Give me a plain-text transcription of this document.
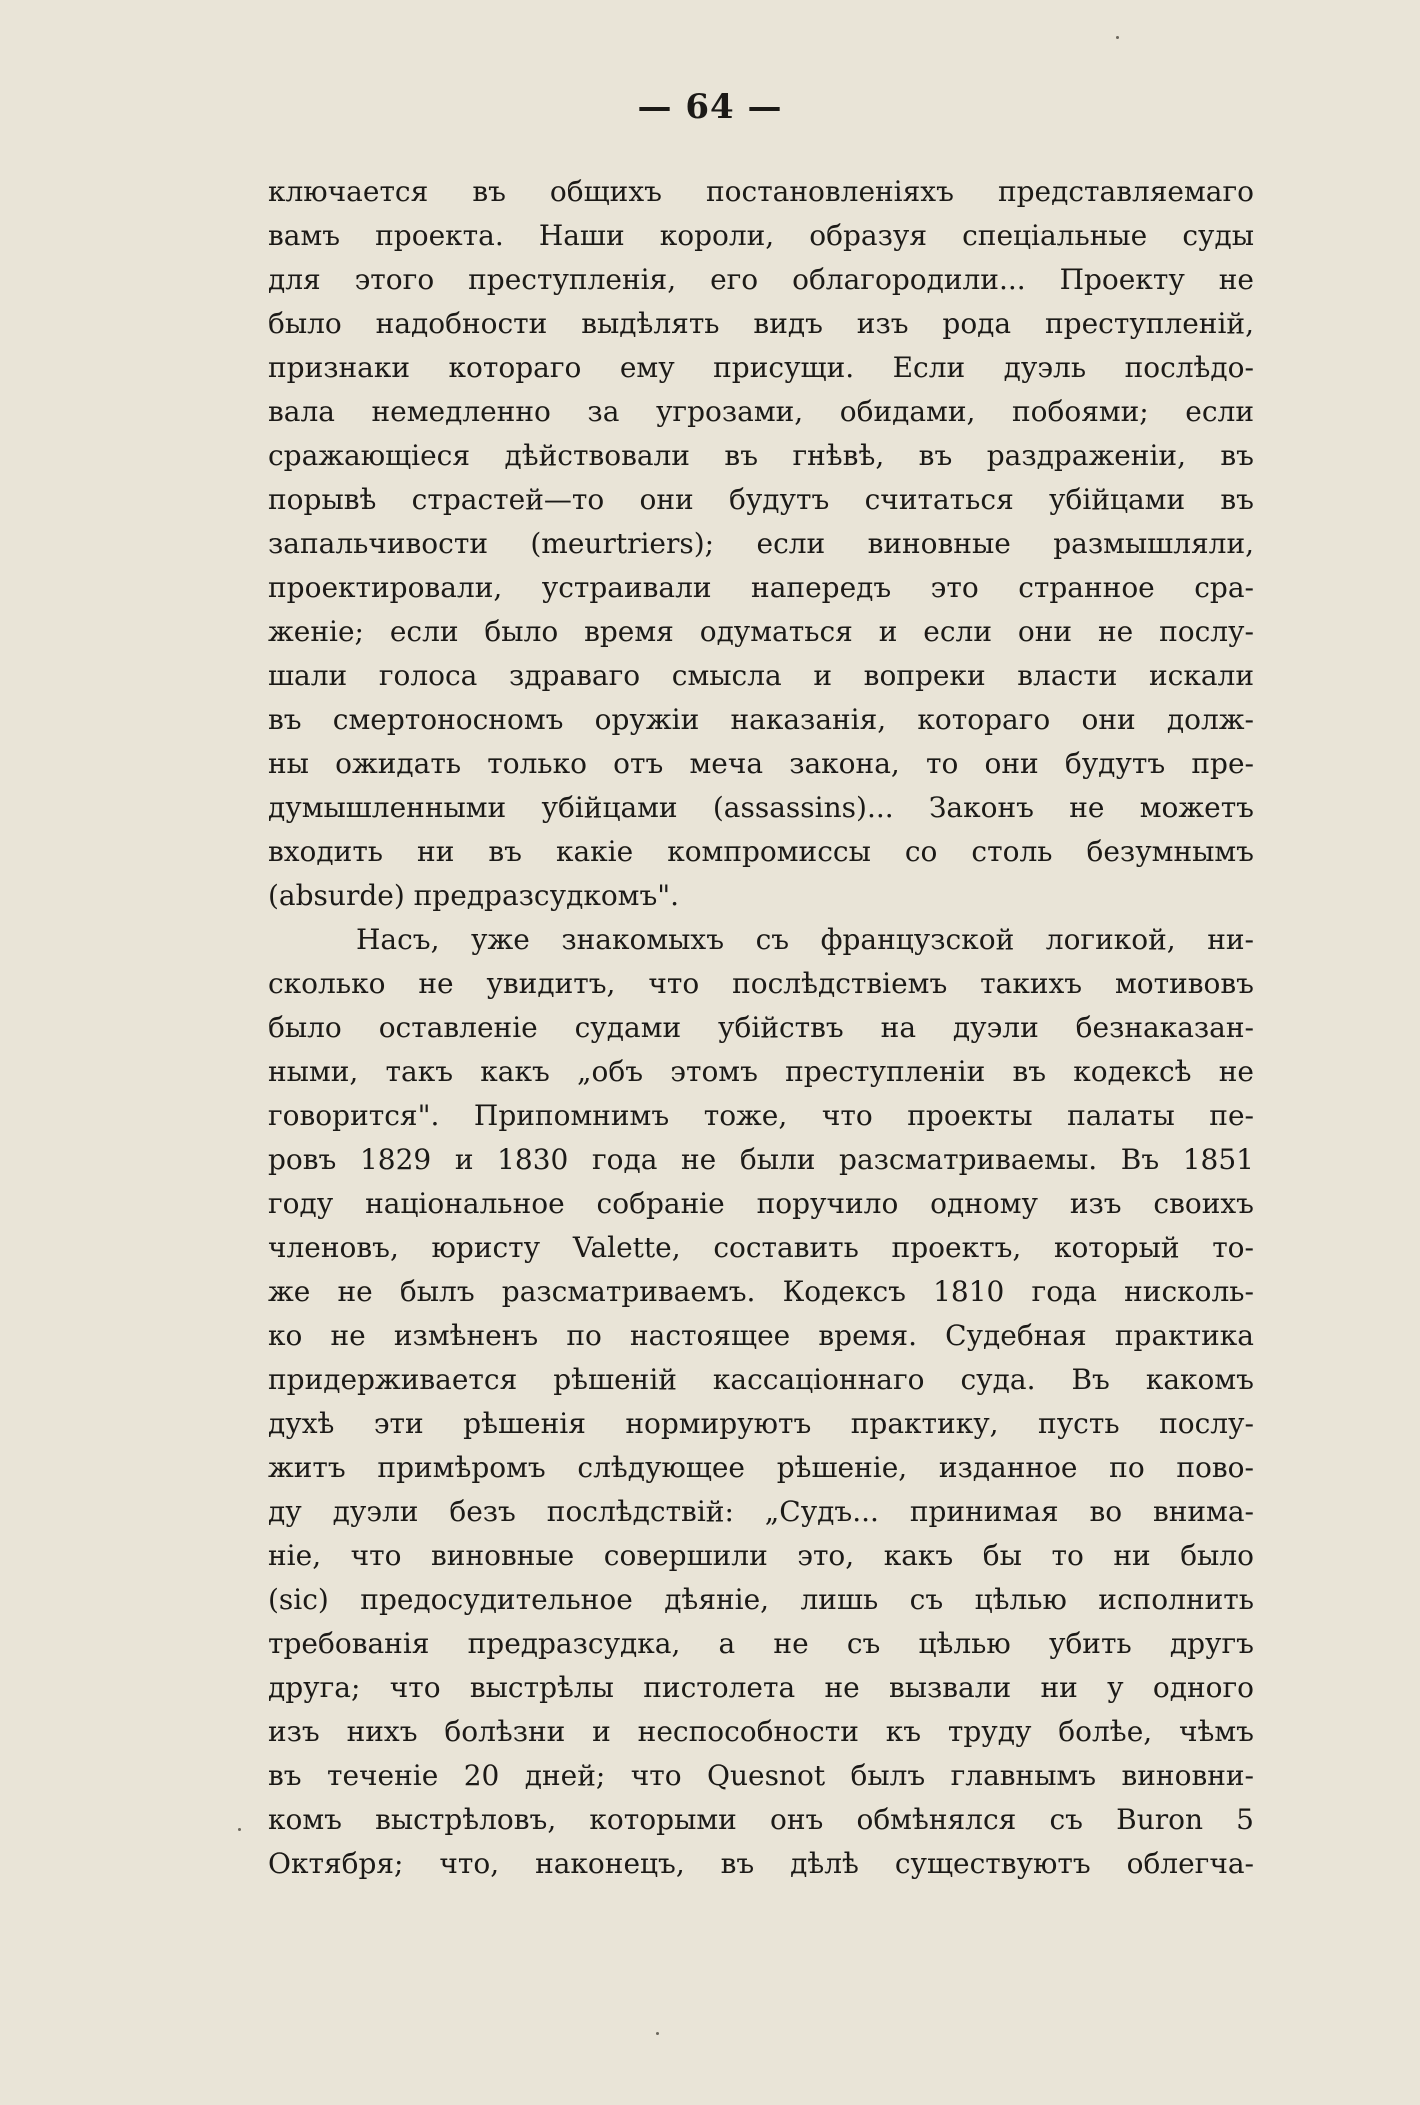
— 64 —
ключается въ общихъ постановленіяхъ представляемаго
вамъ проекта. Наши короли, образуя спеціальные суды
для этого преступленія, его облагородили... Проекту не
было надобности выдѣлять видъ изъ рода преступленій,
признаки котораго ему присущи. Если дуэль послѣдо-
вала немедленно за угрозами, обидами, побоями; если
сражающіеся дѣйствовали въ гнѣвѣ, въ раздраженіи, въ
порывѣ страстей—то они будутъ считаться убійцами въ
запальчивости (meurtriers); если виновные размышляли,
проектировали, устраивали напередъ это странное сра-
женіе; если было время одуматься и если они не послу-
шали голоса здраваго смысла и вопреки власти искали
въ смертоносномъ оружіи наказанія, котораго они долж-
ны ожидать только отъ меча закона, то они будутъ пре-
думышленными убійцами (assassins)... Законъ не можетъ
входить ни въ какіе компромиссы со столь безумнымъ
(absurde) предразсудкомъ".
Насъ, уже знакомыхъ съ французской логикой, ни-
сколько не увидитъ, что послѣдствіемъ такихъ мотивовъ
было оставленіе судами убійствъ на дуэли безнаказан-
ными, такъ какъ „объ этомъ преступленіи въ кодексѣ не
говорится". Припомнимъ тоже, что проекты палаты пе-
ровъ 1829 и 1830 года не были разсматриваемы. Въ 1851
году національное собраніе поручило одному изъ своихъ
членовъ, юристу Valette, составить проектъ, который то-
же не былъ разсматриваемъ. Кодексъ 1810 года нисколь-
ко не измѣненъ по настоящее время. Судебная практика
придерживается рѣшеній кассаціоннаго суда. Въ какомъ
духѣ эти рѣшенія нормируютъ практику, пусть послу-
житъ примѣромъ слѣдующее рѣшеніе, изданное по пово-
ду дуэли безъ послѣдствій: „Судъ... принимая во внима-
ніе, что виновные совершили это, какъ бы то ни было
(sic) предосудительное дѣяніе, лишь съ цѣлью исполнить
требованія предразсудка, а не съ цѣлью убить другъ
друга; что выстрѣлы пистолета не вызвали ни у одного
изъ нихъ болѣзни и неспособности къ труду болѣе, чѣмъ
въ теченіе 20 дней; что Quesnot былъ главнымъ виновни-
комъ выстрѣловъ, которыми онъ обмѣнялся съ Buron 5
Октября; что, наконецъ, въ дѣлѣ существуютъ облегча-
